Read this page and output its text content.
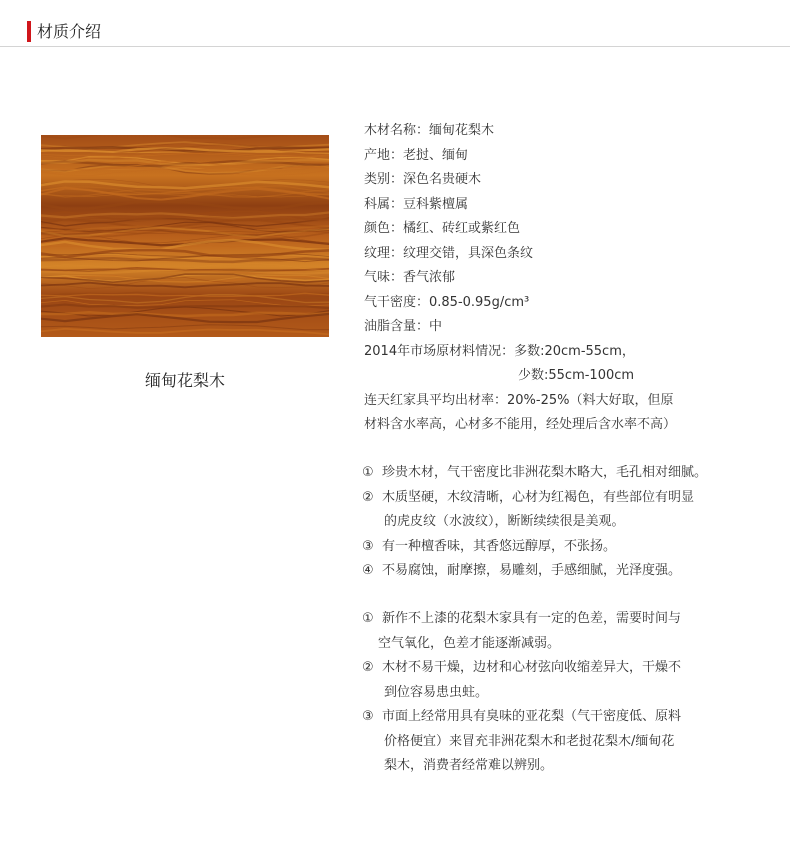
材质介绍
缅甸花梨木
木材名称：缅甸花梨木
产地：老挝、缅甸
类别：深色名贵硬木
科属：豆科紫檀属
颜色：橘红、砖红或紫红色
纹理：纹理交错，具深色条纹
气味：香气浓郁
气干密度：0.85-0.95g/cm³
油脂含量：中
2014年市场原材料情况：多数:20cm-55cm，
少数:55cm-100cm
连天红家具平均出材率：20%-25%（料大好取，但原
材料含水率高，心材多不能用，经处理后含水率不高）
① 珍贵木材，气干密度比非洲花梨木略大，毛孔相对细腻。
② 木质坚硬，木纹清晰，心材为红褐色，有些部位有明显
的虎皮纹（水波纹），断断续续很是美观。
③ 有一种檀香味，其香悠远醇厚，不张扬。
④ 不易腐蚀，耐摩擦，易雕刻，手感细腻，光泽度强。
① 新作不上漆的花梨木家具有一定的色差，需要时间与
空气氧化，色差才能逐渐减弱。
② 木材不易干燥，边材和心材弦向收缩差异大，干燥不
到位容易患虫蛀。
③ 市面上经常用具有臭味的亚花梨（气干密度低、原料
价格便宜）来冒充非洲花梨木和老挝花梨木/缅甸花
梨木，消费者经常难以辨别。
